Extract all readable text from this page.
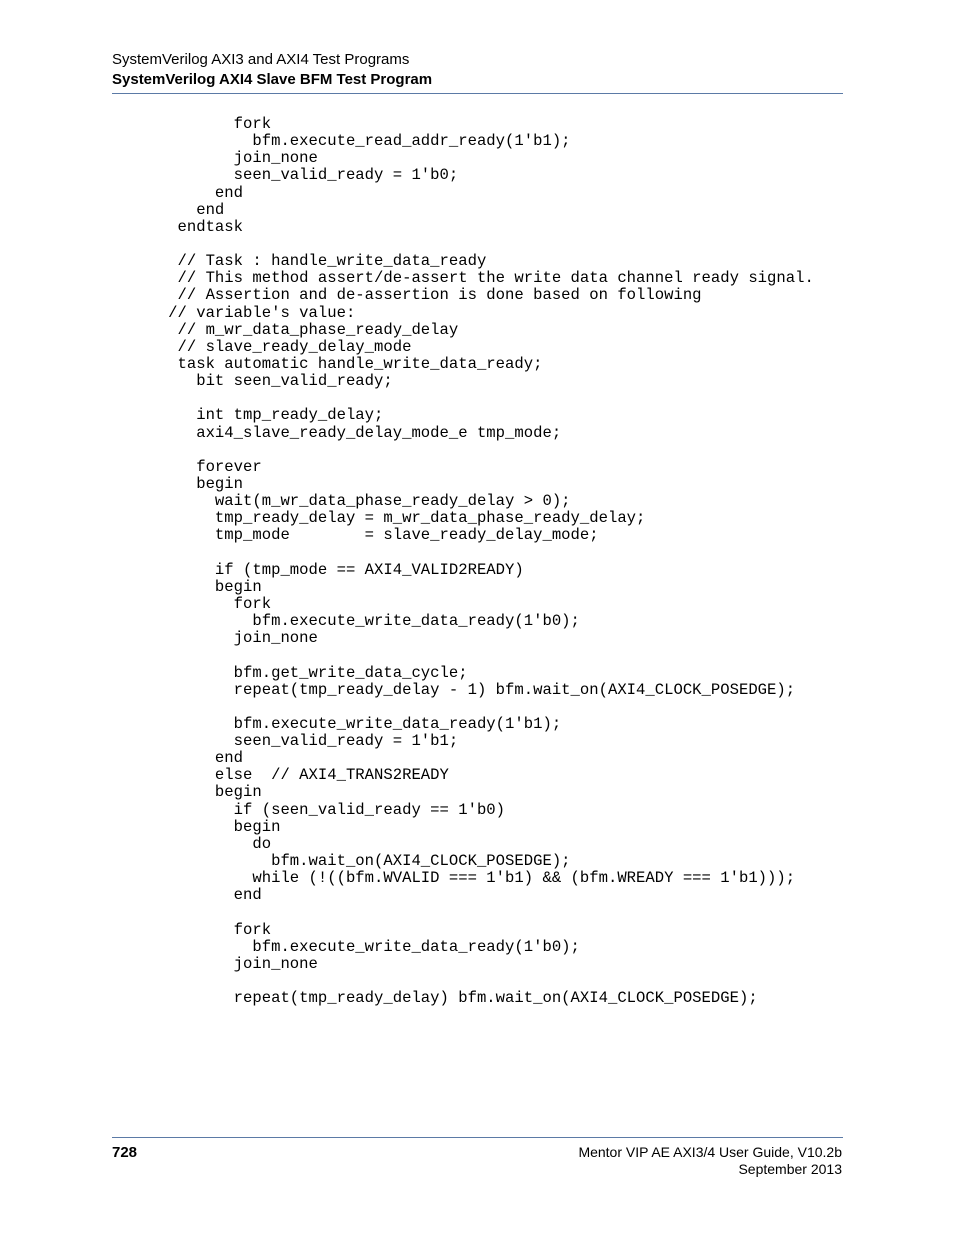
SystemVerilog AXI3 and AXI4 Test Programs
SystemVerilog AXI4 Slave BFM Test Program
fork
bfm.execute_read_addr_ready(1'b1);
join_none
seen_valid_ready = 1'b0;
end
end
endtask
// Task : handle_write_data_ready
// This method assert/de-assert the write data channel ready signal.
// Assertion and de-assertion is done based on following
// variable's value:
// m_wr_data_phase_ready_delay
// slave_ready_delay_mode
task automatic handle_write_data_ready;
bit seen_valid_ready;
int tmp_ready_delay;
axi4_slave_ready_delay_mode_e tmp_mode;
forever
begin
wait(m_wr_data_phase_ready_delay > 0);
tmp_ready_delay = m_wr_data_phase_ready_delay;
tmp_mode        = slave_ready_delay_mode;
if (tmp_mode == AXI4_VALID2READY)
begin
fork
bfm.execute_write_data_ready(1'b0);
join_none
bfm.get_write_data_cycle;
repeat(tmp_ready_delay - 1) bfm.wait_on(AXI4_CLOCK_POSEDGE);
bfm.execute_write_data_ready(1'b1);
seen_valid_ready = 1'b1;
end
else  // AXI4_TRANS2READY
begin
if (seen_valid_ready == 1'b0)
begin
do
bfm.wait_on(AXI4_CLOCK_POSEDGE);
while (!((bfm.WVALID === 1'b1) && (bfm.WREADY === 1'b1)));
end
fork
bfm.execute_write_data_ready(1'b0);
join_none
repeat(tmp_ready_delay) bfm.wait_on(AXI4_CLOCK_POSEDGE);
728	Mentor VIP AE AXI3/4 User Guide, V10.2b
September 2013
